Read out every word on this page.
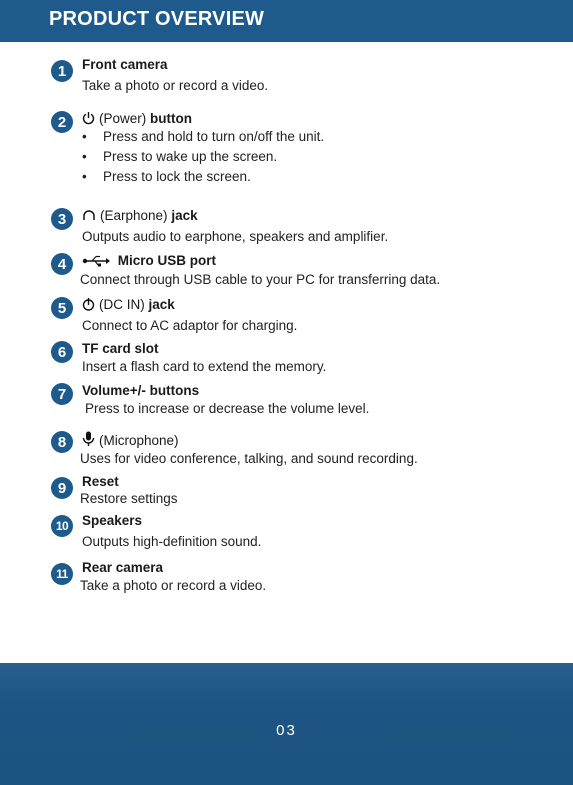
PRODUCT OVERVIEW
1	Front camera
Take a photo or record a video.
2	(Power) button
• Press and hold to turn on/off the unit.
• Press to wake up the screen.
• Press to lock the screen.
3	(Earphone) jack
Outputs audio to earphone, speakers and amplifier.
4	Micro USB port
Connect through USB cable to your PC for transferring data.
5	(DC IN) jack
Connect to AC adaptor for charging.
6	TF card slot
Insert a flash card to extend the memory.
7	Volume+/- buttons
Press to increase or decrease the volume level.
8	(Microphone)
Uses for video conference, talking, and sound recording.
9	Reset
Restore settings
10	Speakers
Outputs high-definition sound.
11	Rear camera
Take a photo or record a video.
03
